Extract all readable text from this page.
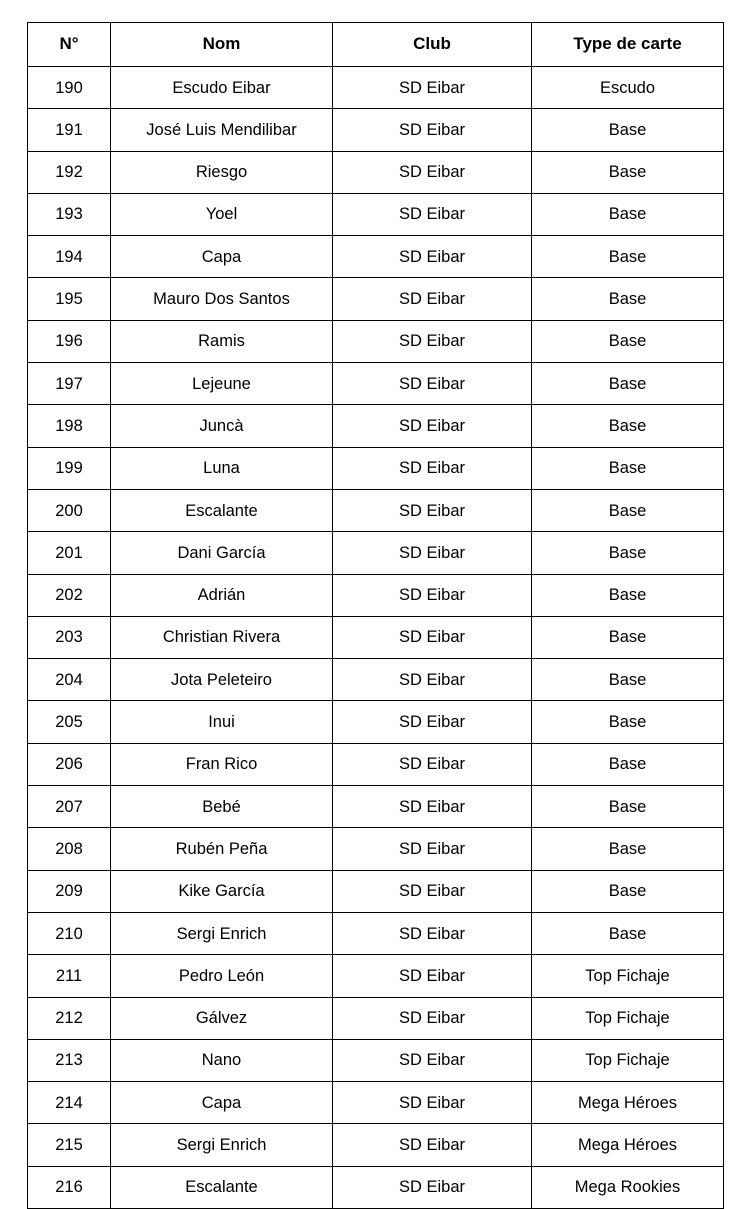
N°	Nom	Club	Type de carte
190	Escudo Eibar	SD Eibar	Escudo
191	José Luis Mendilibar	SD Eibar	Base
192	Riesgo	SD Eibar	Base
193	Yoel	SD Eibar	Base
194	Capa	SD Eibar	Base
195	Mauro Dos Santos	SD Eibar	Base
196	Ramis	SD Eibar	Base
197	Lejeune	SD Eibar	Base
198	Juncà	SD Eibar	Base
199	Luna	SD Eibar	Base
200	Escalante	SD Eibar	Base
201	Dani García	SD Eibar	Base
202	Adrián	SD Eibar	Base
203	Christian Rivera	SD Eibar	Base
204	Jota Peleteiro	SD Eibar	Base
205	Inui	SD Eibar	Base
206	Fran Rico	SD Eibar	Base
207	Bebé	SD Eibar	Base
208	Rubén Peña	SD Eibar	Base
209	Kike García	SD Eibar	Base
210	Sergi Enrich	SD Eibar	Base
211	Pedro León	SD Eibar	Top Fichaje
212	Gálvez	SD Eibar	Top Fichaje
213	Nano	SD Eibar	Top Fichaje
214	Capa	SD Eibar	Mega Héroes
215	Sergi Enrich	SD Eibar	Mega Héroes
216	Escalante	SD Eibar	Mega Rookies
